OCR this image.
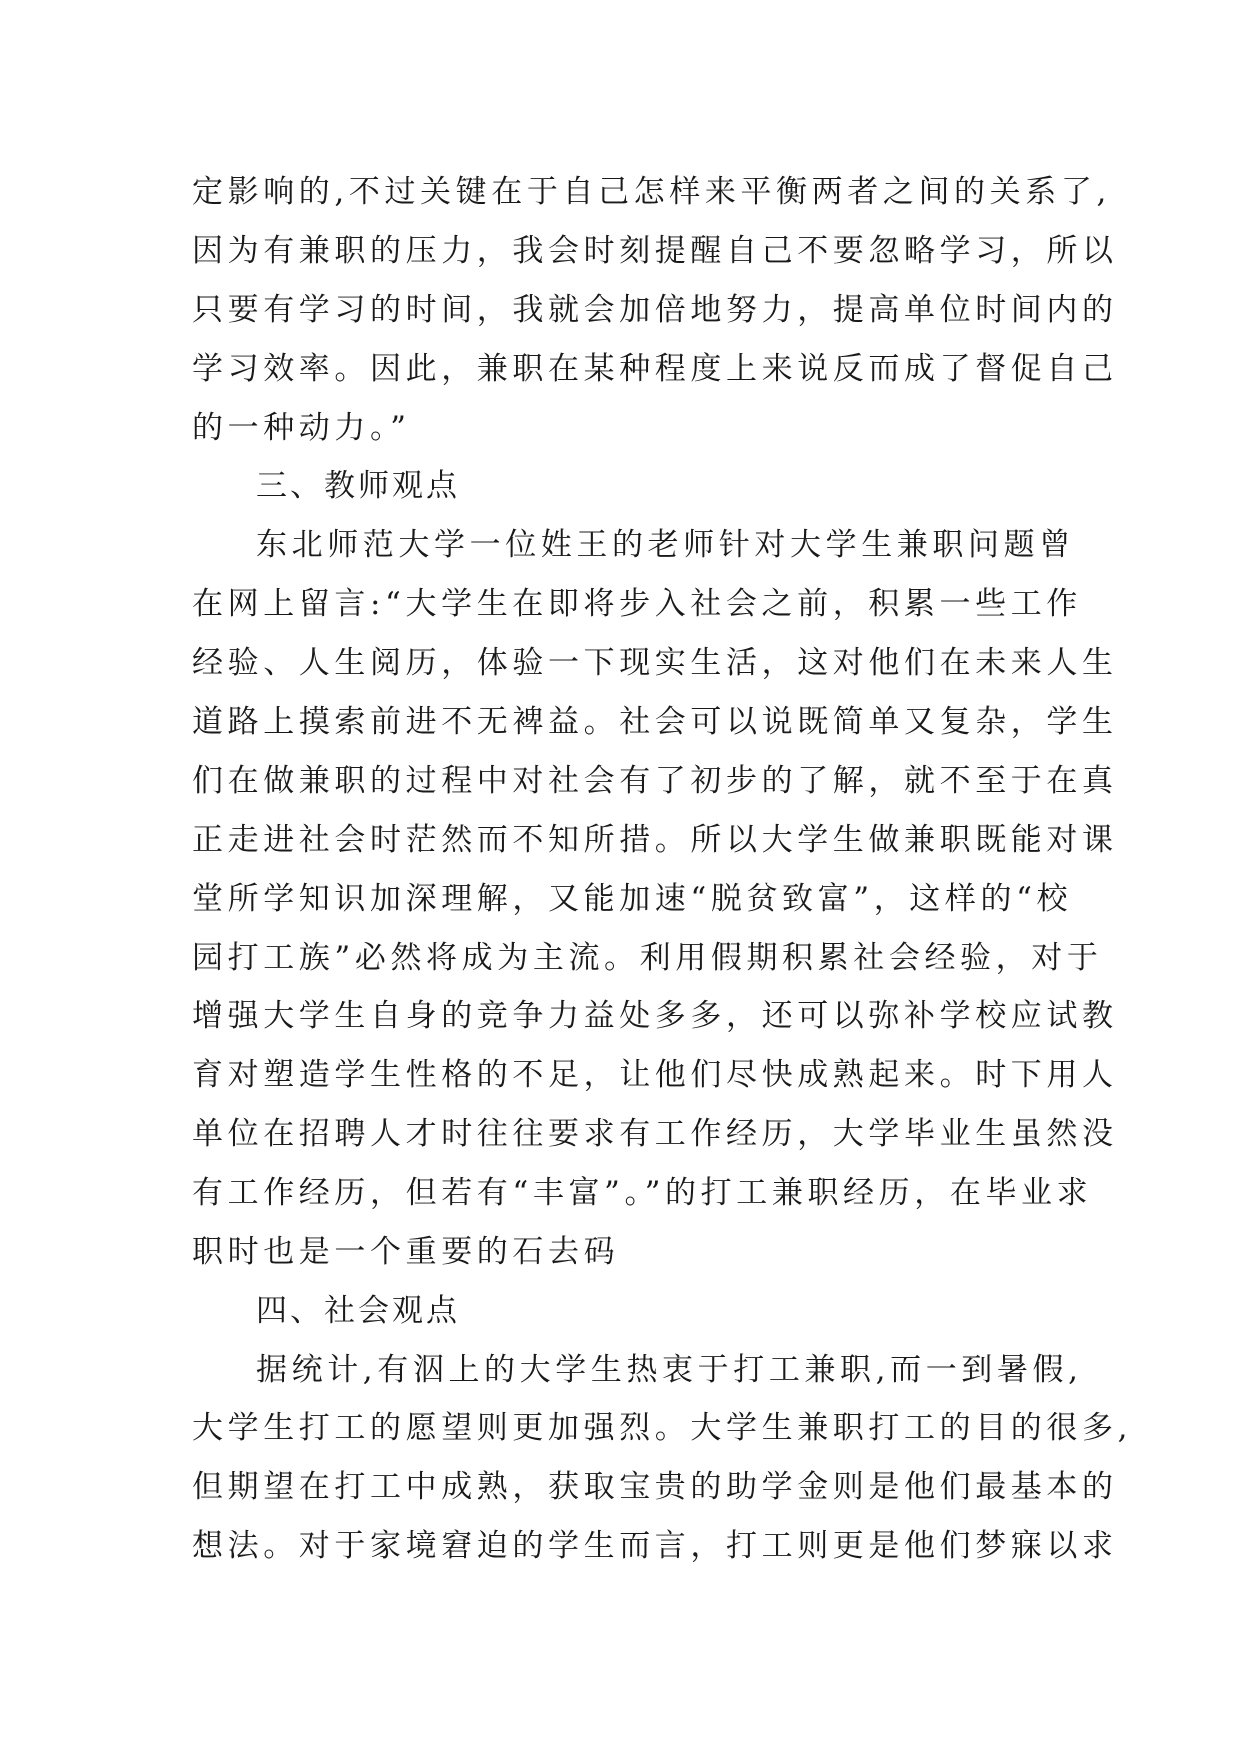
定影响的,不过关键在于自己怎样来平衡两者之间的关系了,
因为有兼职的压力，我会时刻提醒自己不要忽略学习，所以
只要有学习的时间，我就会加倍地努力，提高单位时间内的
学习效率。因此，兼职在某种程度上来说反而成了督促自己
的一种动力。”
三、教师观点
东北师范大学一位姓王的老师针对大学生兼职问题曾
在网上留言:“大学生在即将步入社会之前，积累一些工作
经验、人生阅历，体验一下现实生活，这对他们在未来人生
道路上摸索前进不无裨益。社会可以说既简单又复杂，学生
们在做兼职的过程中对社会有了初步的了解，就不至于在真
正走进社会时茫然而不知所措。所以大学生做兼职既能对课
堂所学知识加深理解，又能加速“脱贫致富”，这样的“校
园打工族”必然将成为主流。利用假期积累社会经验，对于
增强大学生自身的竞争力益处多多，还可以弥补学校应试教
育对塑造学生性格的不足，让他们尽快成熟起来。时下用人
单位在招聘人才时往往要求有工作经历，大学毕业生虽然没
有工作经历，但若有“丰富”。”的打工兼职经历，在毕业求
职时也是一个重要的石去码
四、社会观点
据统计,有泅上的大学生热衷于打工兼职,而一到暑假,
大学生打工的愿望则更加强烈。大学生兼职打工的目的很多,
但期望在打工中成熟，获取宝贵的助学金则是他们最基本的
想法。对于家境窘迫的学生而言，打工则更是他们梦寐以求
